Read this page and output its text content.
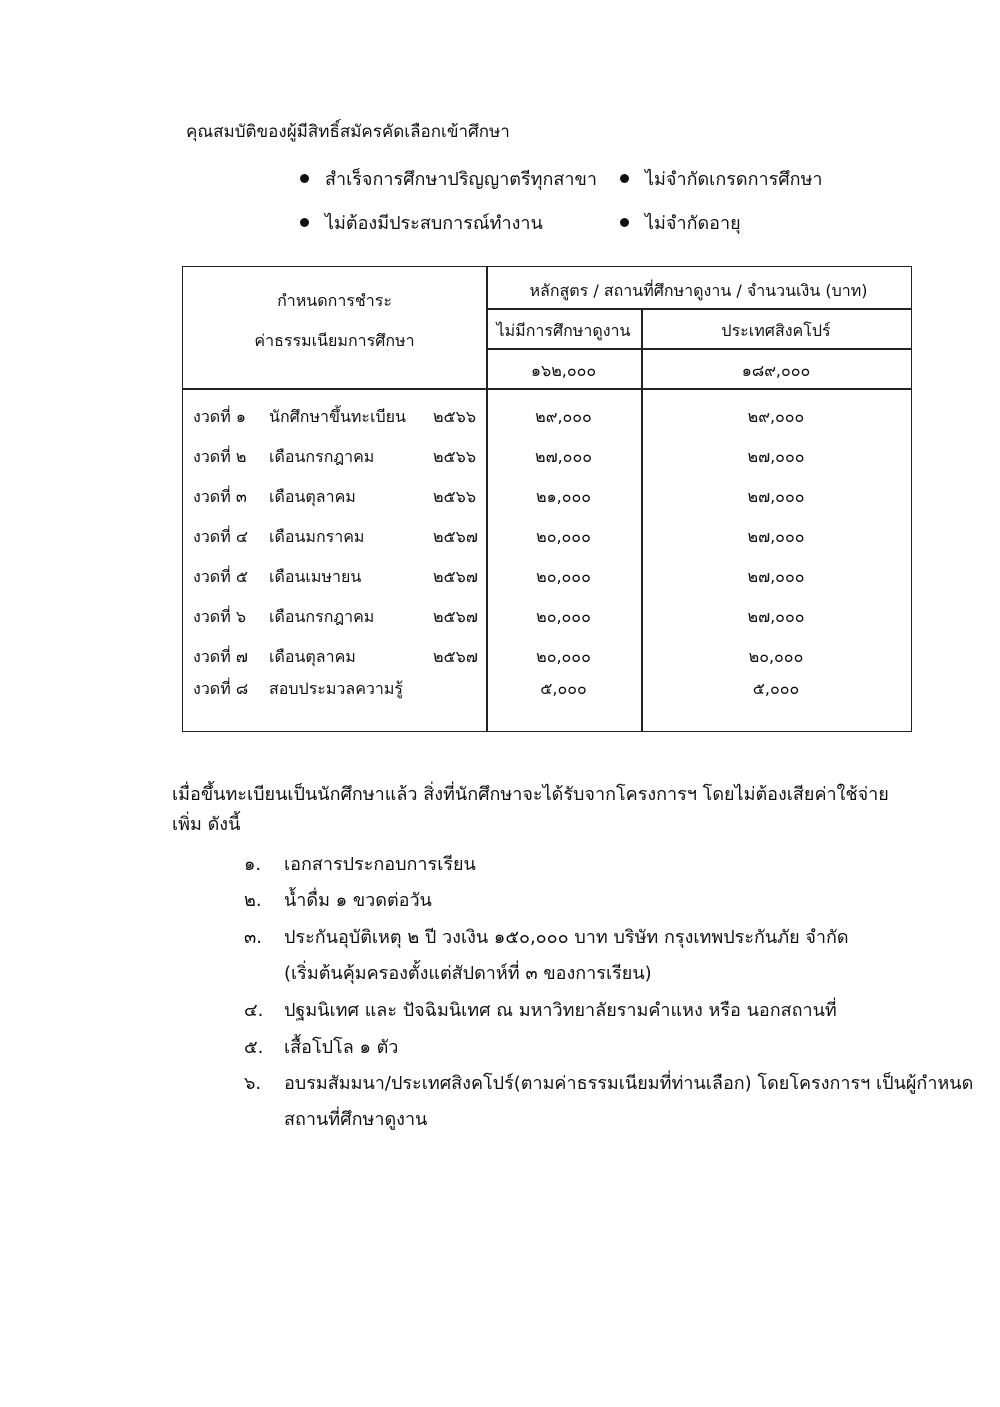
คุณสมบัติของผู้มีสิทธิ์สมัครคัดเลือกเข้าศึกษา
สำเร็จการศึกษาปริญญาตรีทุกสาขา	ไม่จำกัดเกรดการศึกษา
ไม่ต้องมีประสบการณ์ทำงาน	ไม่จำกัดอายุ
กำหนดการชำระ
ค่าธรรมเนียมการศึกษา
หลักสูตร / สถานที่ศึกษาดูงาน / จำนวนเงิน (บาท)
ไม่มีการศึกษาดูงาน	ประเทศสิงคโปร์
๑๖๒,๐๐๐	๑๘๙,๐๐๐
งวดที่ ๑ นักศึกษาขึ้นทะเบียน ๒๕๖๖	๒๙,๐๐๐	๒๙,๐๐๐
งวดที่ ๒ เดือนกรกฎาคม	๒๕๖๖	๒๗,๐๐๐	๒๗,๐๐๐
งวดที่ ๓ เดือนตุลาคม	๒๕๖๖	๒๑,๐๐๐	๒๗,๐๐๐
งวดที่ ๔ เดือนมกราคม	๒๕๖๗	๒๐,๐๐๐	๒๗,๐๐๐
งวดที่ ๕ เดือนเมษายน	๒๕๖๗	๒๐,๐๐๐	๒๗,๐๐๐
งวดที่ ๖ เดือนกรกฎาคม	๒๕๖๗	๒๐,๐๐๐	๒๗,๐๐๐
งวดที่ ๗ เดือนตุลาคม	๒๕๖๗	๒๐,๐๐๐	๒๐,๐๐๐
งวดที่ ๘ สอบประมวลความรู้	๕,๐๐๐	๕,๐๐๐
เมื่อขึ้นทะเบียนเป็นนักศึกษาแล้ว สิ่งที่นักศึกษาจะได้รับจากโครงการฯ โดยไม่ต้องเสียค่าใช้จ่ายเพิ่ม ดังนี้
๑. เอกสารประกอบการเรียน
๒. น้ำดื่ม ๑ ขวดต่อวัน
๓. ประกันอุบัติเหตุ ๒ ปี วงเงิน ๑๕๐,๐๐๐ บาท บริษัท กรุงเทพประกันภัย จำกัด
(เริ่มต้นคุ้มครองตั้งแต่สัปดาห์ที่ ๓ ของการเรียน)
๔. ปฐมนิเทศ และ ปัจฉิมนิเทศ ณ มหาวิทยาลัยรามคำแหง หรือ นอกสถานที่
๕. เสื้อโปโล ๑ ตัว
๖. อบรมสัมมนา/ประเทศสิงคโปร์(ตามค่าธรรมเนียมที่ท่านเลือก) โดยโครงการฯ เป็นผู้กำหนด
สถานที่ศึกษาดูงาน
